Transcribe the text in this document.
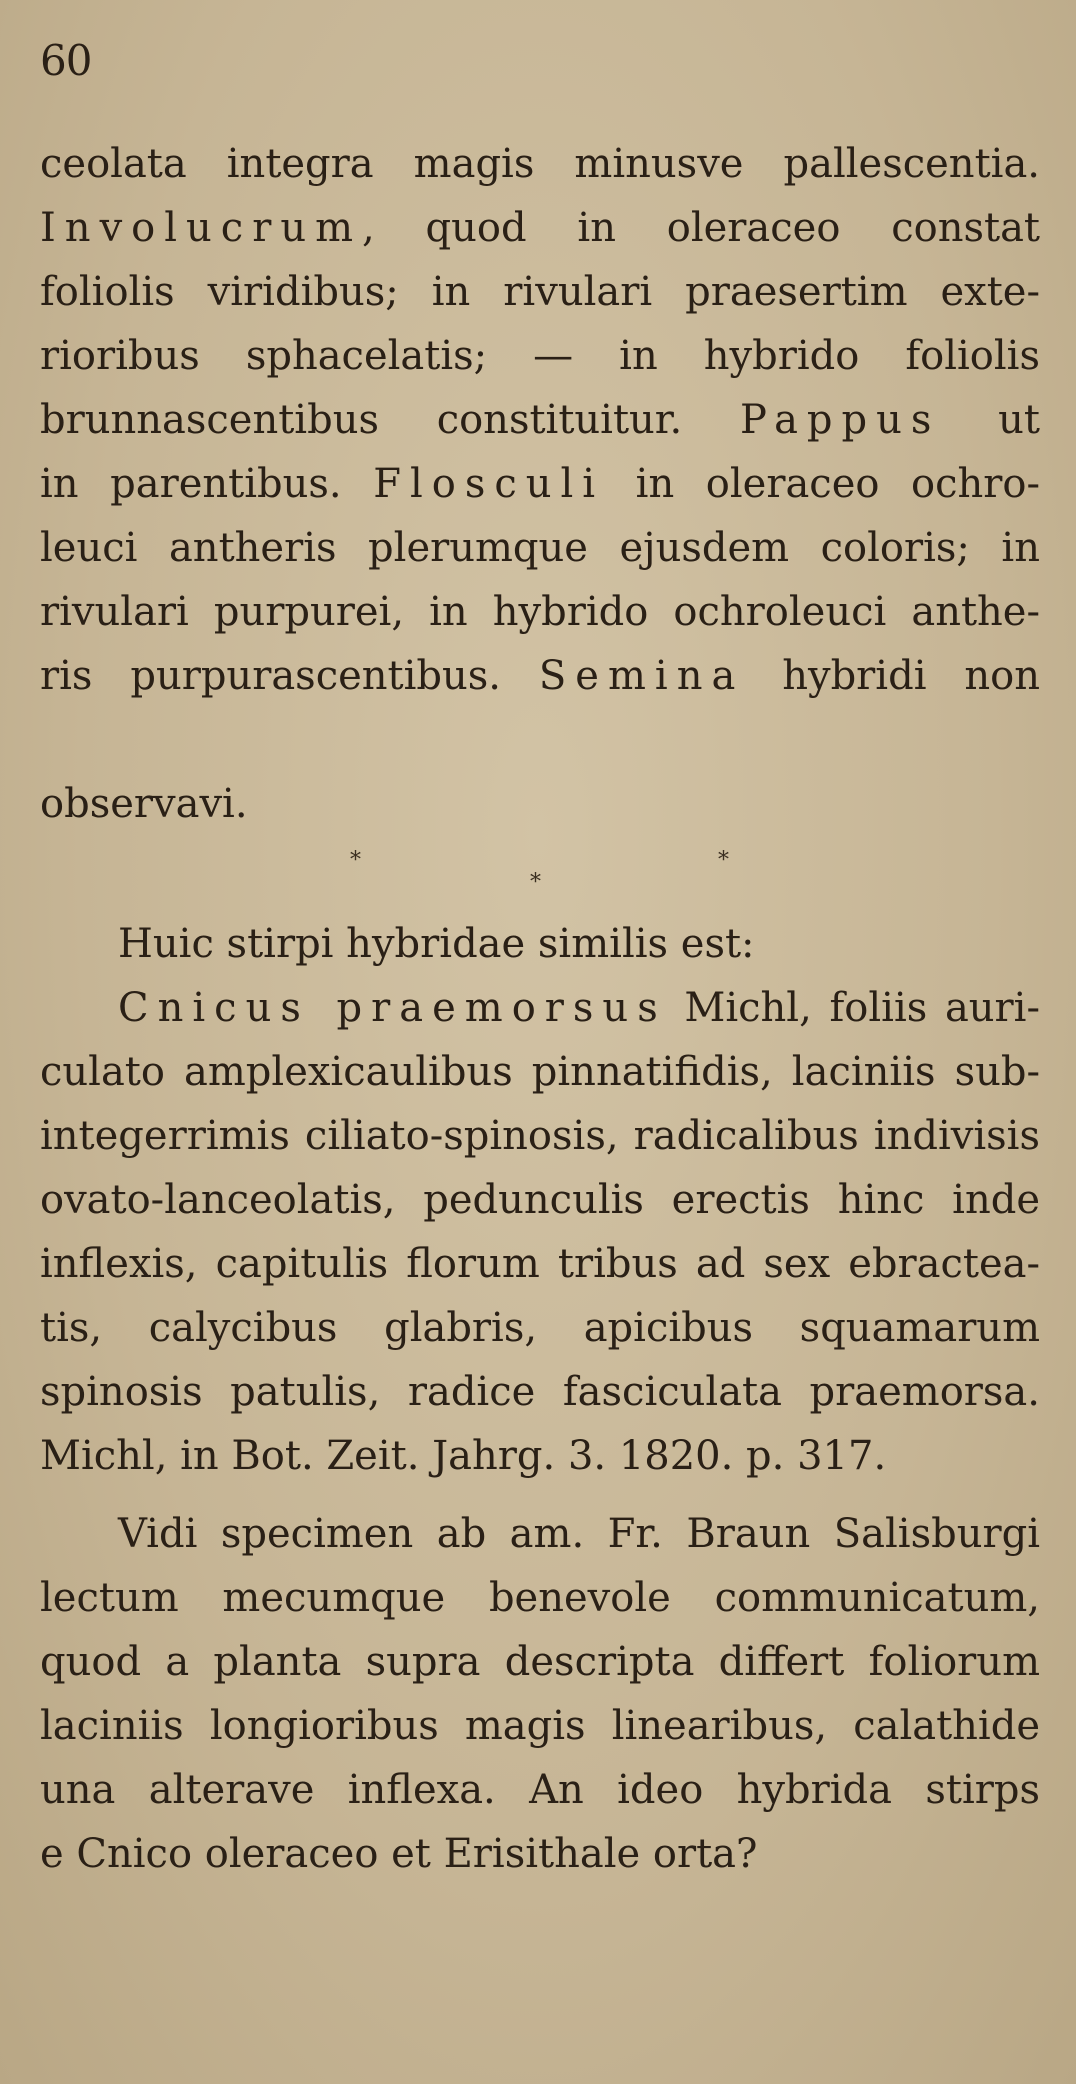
60
ceolata integra magis minusve pallescentia.
Involucrum, quod in oleraceo constat
foliolis viridibus; in rivulari praesertim exte-
rioribus sphacelatis; — in hybrido foliolis
brunnascentibus constituitur. Pappus ut
in parentibus. Flosculi in oleraceo ochro-
leuci antheris plerumque ejusdem coloris; in
rivulari purpurei, in hybrido ochroleuci anthe-
ris purpurascentibus. Semina hybridi non
observavi.
*
*
*
Huic stirpi hybridae similis est:
Cnicus praemorsus Michl, foliis auri-
culato amplexicaulibus pinnatifidis, laciniis sub-
integerrimis ciliato-spinosis, radicalibus indivisis
ovato-lanceolatis, pedunculis erectis hinc inde
inflexis, capitulis florum tribus ad sex ebractea-
tis, calycibus glabris, apicibus squamarum
spinosis patulis, radice fasciculata praemorsa.
Michl, in Bot. Zeit. Jahrg. 3. 1820. p. 317.
Vidi specimen ab am. Fr. Braun Salisburgi
lectum mecumque benevole communicatum,
quod a planta supra descripta differt foliorum
laciniis longioribus magis linearibus, calathide
una alterave inflexa. An ideo hybrida stirps
e Cnico oleraceo et Erisithale orta?
